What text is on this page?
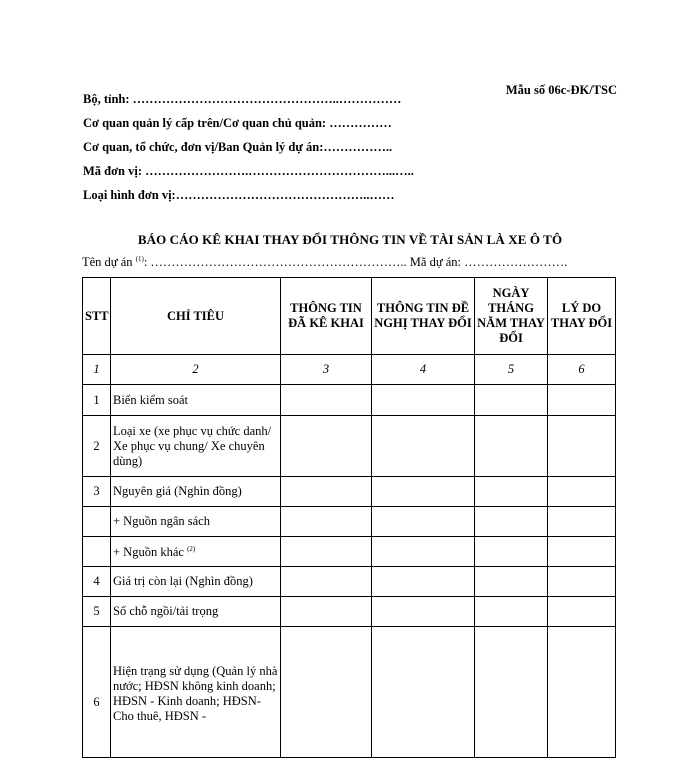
Mẫu số 06c-ĐK/TSC
Bộ, tỉnh: …………………………………………..……………
Cơ quan quản lý cấp trên/Cơ quan chủ quản: ……………
Cơ quan, tổ chức, đơn vị/Ban Quản lý dự án:……………..
Mã đơn vị: …………………….……………………………...…..
Loại hình đơn vị:………………………………………..……
BÁO CÁO KÊ KHAI THAY ĐỔI THÔNG TIN VỀ TÀI SẢN LÀ XE Ô TÔ
Tên dự án $^{(1)}$: …………………………………………………….. Mã dự án: …………………….
STT	CHỈ TIÊU	THÔNG TIN ĐÃ KÊ KHAI	THÔNG TIN ĐỀ NGHỊ THAY ĐỔI	NGÀY THÁNG NĂM THAY ĐỔI	LÝ DO THAY ĐỔI
1	2	3	4	5	6
1	Biển kiểm soát				
2	Loại xe (xe phục vụ chức danh/ Xe phục vụ chung/ Xe chuyên dùng)				
3	Nguyên giá (Nghìn đồng)				
	+ Nguồn ngân sách				
	+ Nguồn khác $^{(2)}$				
4	Giá trị còn lại (Nghìn đồng)				
5	Số chỗ ngồi/tải trọng				
6	Hiện trạng sử dụng (Quản lý nhà nước; HĐSN không kinh doanh; HĐSN - Kinh doanh; HĐSN- Cho thuê, HĐSN -				
